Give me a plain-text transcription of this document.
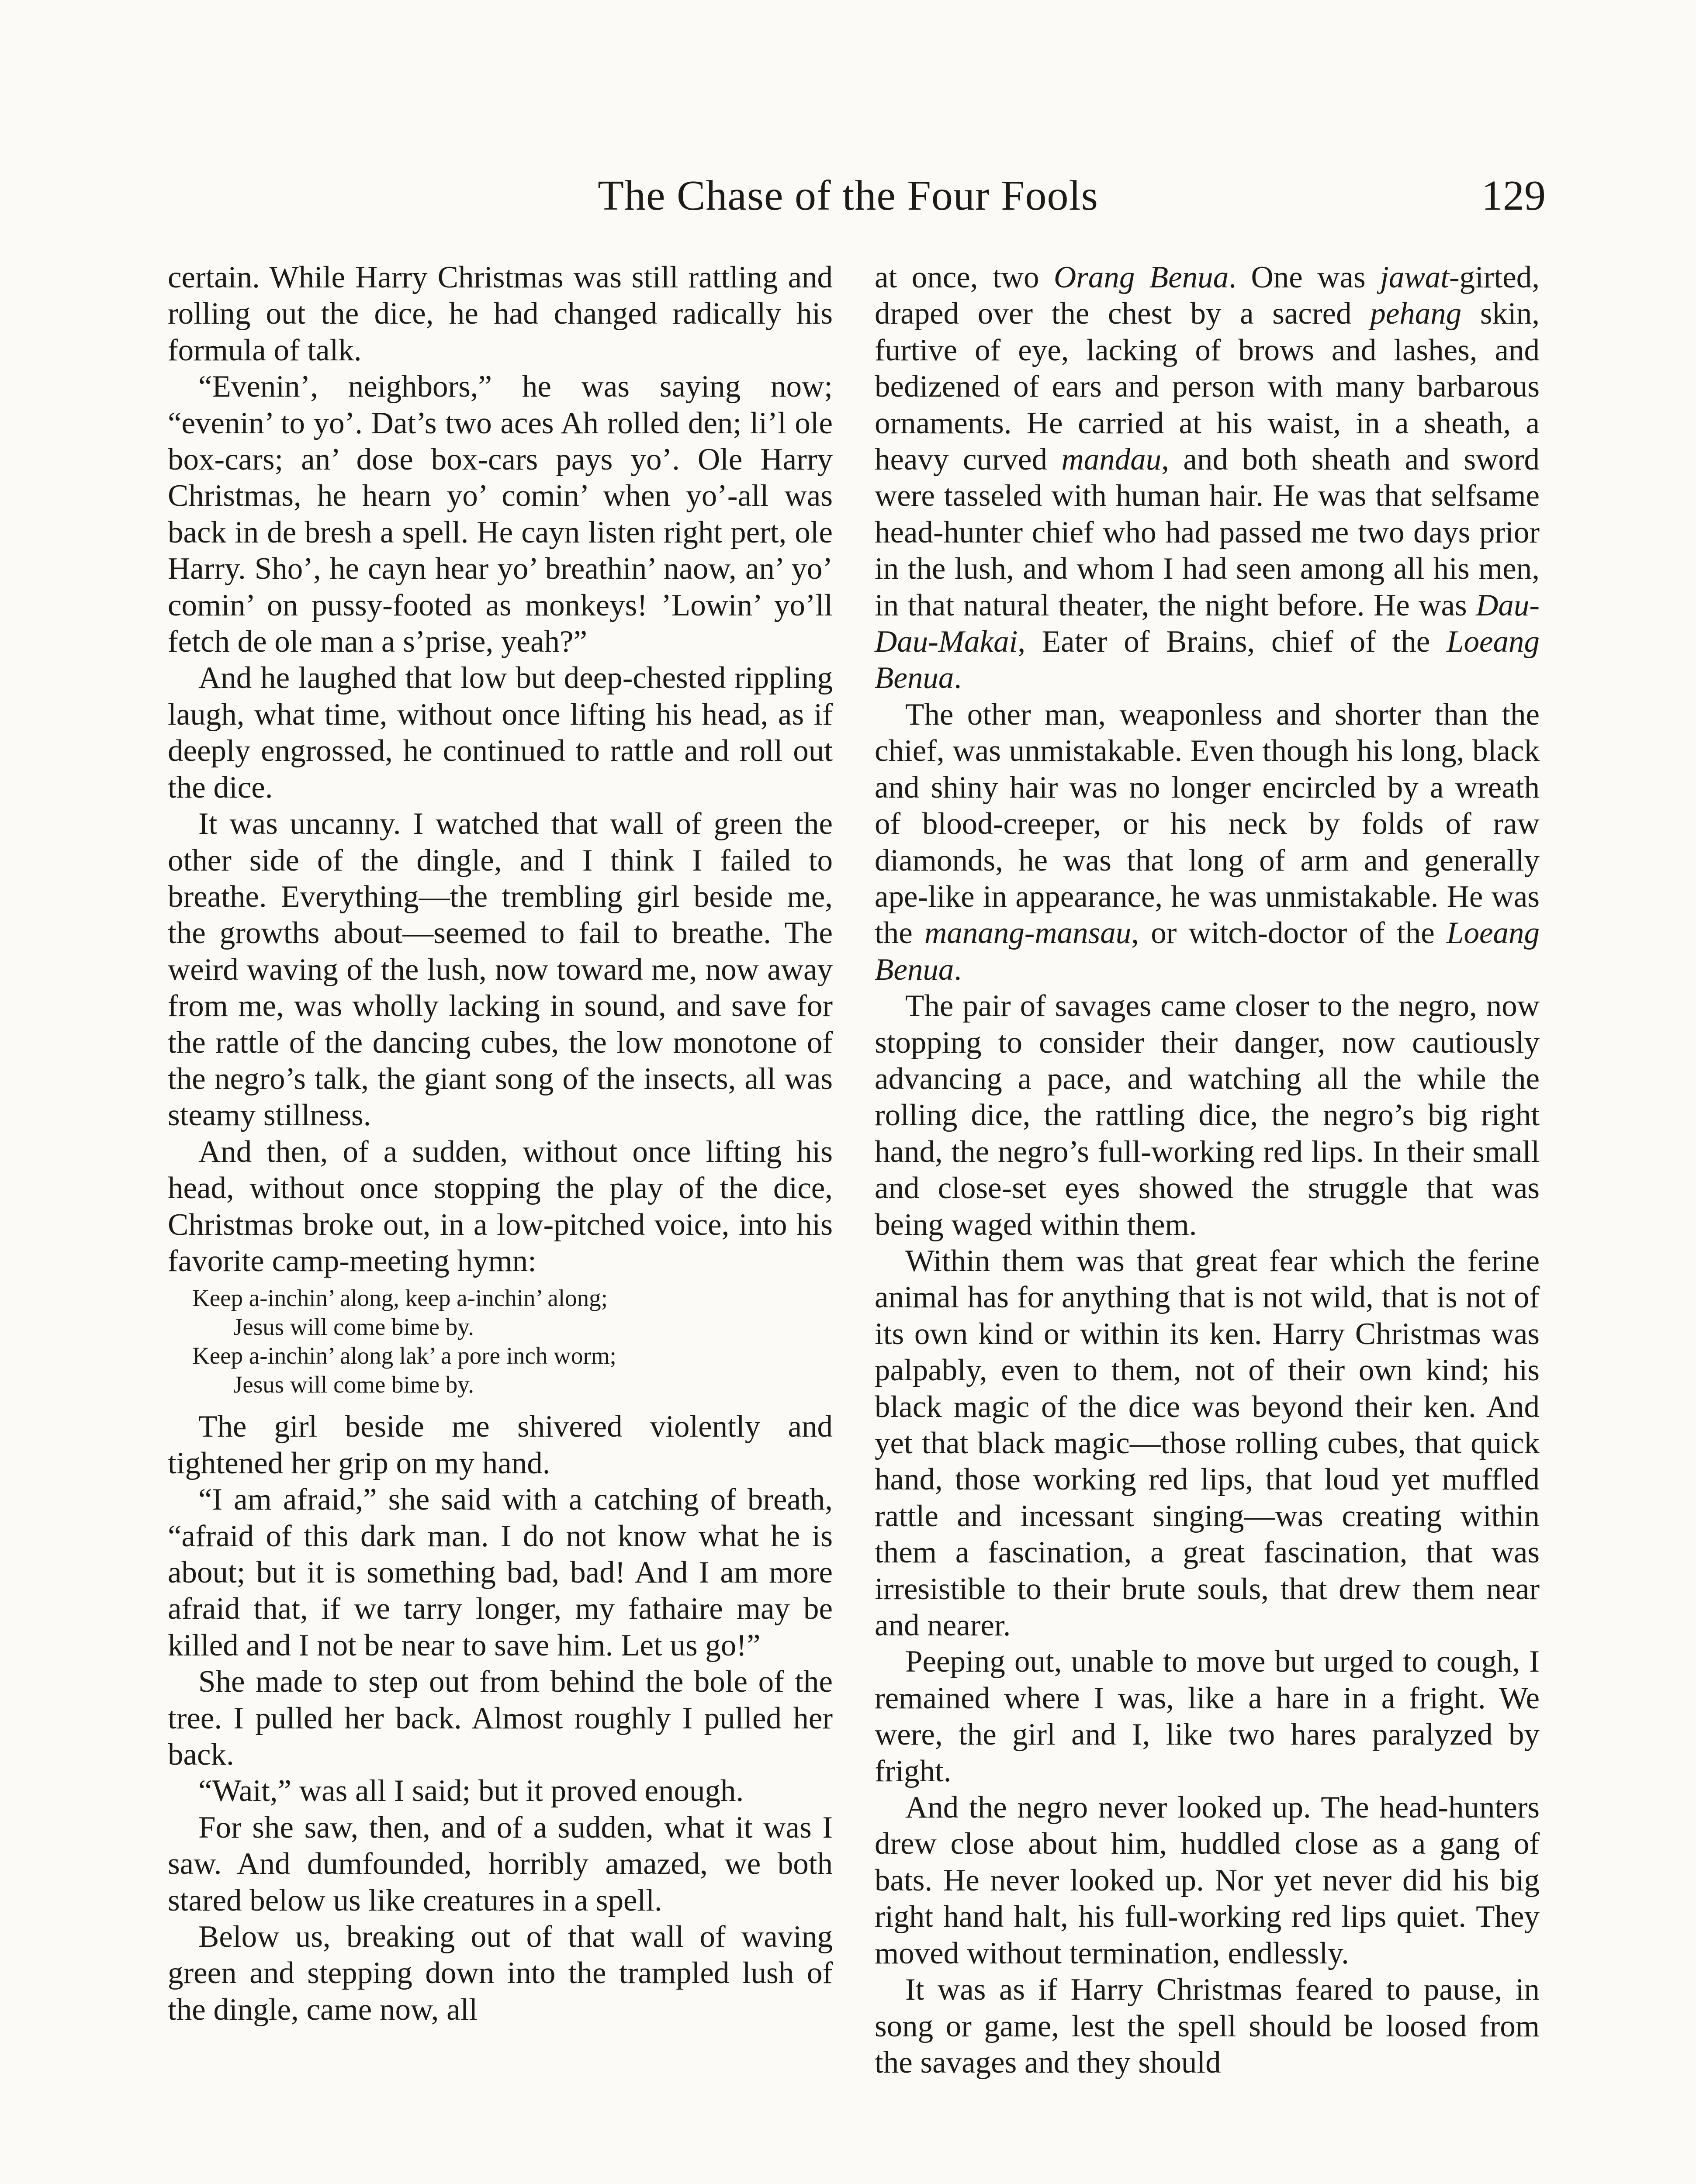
The Chase of the Four Fools	129

certain. While Harry Christmas was still rattling and rolling out the dice, he had changed radically his formula of talk.

“Evenin’, neighbors,” he was saying now; “evenin’ to yo’. Dat’s two aces Ah rolled den; li’l ole box-cars; an’ dose box-cars pays yo’. Ole Harry Christmas, he hearn yo’ comin’ when yo’-all was back in de bresh a spell. He cayn listen right pert, ole Harry. Sho’, he cayn hear yo’ breathin’ naow, an’ yo’ comin’ on pussy-footed as monkeys! ’Lowin’ yo’ll fetch de ole man a s’prise, yeah?”

And he laughed that low but deep-chested rippling laugh, what time, without once lifting his head, as if deeply engrossed, he continued to rattle and roll out the dice.

It was uncanny. I watched that wall of green the other side of the dingle, and I think I failed to breathe. Everything—the trembling girl beside me, the growths about—seemed to fail to breathe. The weird waving of the lush, now toward me, now away from me, was wholly lacking in sound, and save for the rattle of the dancing cubes, the low monotone of the negro’s talk, the giant song of the insects, all was steamy stillness.

And then, of a sudden, without once lifting his head, without once stopping the play of the dice, Christmas broke out, in a low-pitched voice, into his favorite camp-meeting hymn:

Keep a-inchin’ along, keep a-inchin’ along;
Jesus will come bime by.
Keep a-inchin’ along lak’ a pore inch worm;
Jesus will come bime by.

The girl beside me shivered violently and tightened her grip on my hand.

“I am afraid,” she said with a catching of breath, “afraid of this dark man. I do not know what he is about; but it is something bad, bad! And I am more afraid that, if we tarry longer, my fathaire may be killed and I not be near to save him. Let us go!”

She made to step out from behind the bole of the tree. I pulled her back. Almost roughly I pulled her back.

“Wait,” was all I said; but it proved enough.

For she saw, then, and of a sudden, what it was I saw. And dumfounded, horribly amazed, we both stared below us like creatures in a spell.

Below us, breaking out of that wall of waving green and stepping down into the trampled lush of the dingle, came now, all

at once, two Orang Benua. One was jawat-girted, draped over the chest by a sacred pehang skin, furtive of eye, lacking of brows and lashes, and bedizened of ears and person with many barbarous ornaments. He carried at his waist, in a sheath, a heavy curved mandau, and both sheath and sword were tasseled with human hair. He was that selfsame head-hunter chief who had passed me two days prior in the lush, and whom I had seen among all his men, in that natural theater, the night before. He was Dau-Dau-Makai, Eater of Brains, chief of the Loeang Benua.

The other man, weaponless and shorter than the chief, was unmistakable. Even though his long, black and shiny hair was no longer encircled by a wreath of blood-creeper, or his neck by folds of raw diamonds, he was that long of arm and generally ape-like in appearance, he was unmistakable. He was the manang-mansau, or witch-doctor of the Loeang Benua.

The pair of savages came closer to the negro, now stopping to consider their danger, now cautiously advancing a pace, and watching all the while the rolling dice, the rattling dice, the negro’s big right hand, the negro’s full-working red lips. In their small and close-set eyes showed the struggle that was being waged within them.

Within them was that great fear which the ferine animal has for anything that is not wild, that is not of its own kind or within its ken. Harry Christmas was palpably, even to them, not of their own kind; his black magic of the dice was beyond their ken. And yet that black magic—those rolling cubes, that quick hand, those working red lips, that loud yet muffled rattle and incessant singing—was creating within them a fascination, a great fascination, that was irresistible to their brute souls, that drew them near and nearer.

Peeping out, unable to move but urged to cough, I remained where I was, like a hare in a fright. We were, the girl and I, like two hares paralyzed by fright.

And the negro never looked up. The head-hunters drew close about him, huddled close as a gang of bats. He never looked up. Nor yet never did his big right hand halt, his full-working red lips quiet. They moved without termination, endlessly.

It was as if Harry Christmas feared to pause, in song or game, lest the spell should be loosed from the savages and they should
